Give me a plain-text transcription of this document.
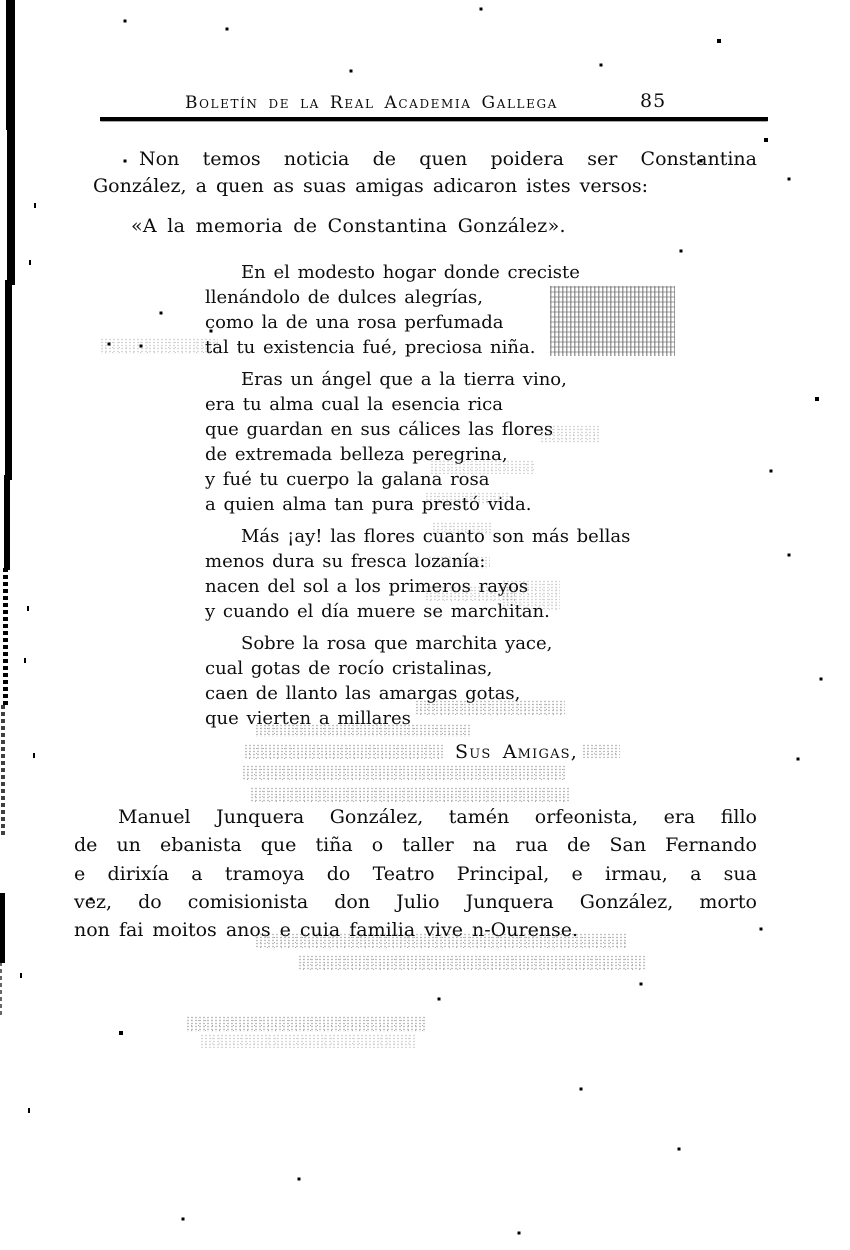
Boletín de la Real Academia Gallega	85
Non temos noticia de quen poidera ser Constantina
González, a quen as suas amigas adicaron istes versos:
«A la memoria de Constantina González».
En el modesto hogar donde creciste
llenándolo de dulces alegrías,
como la de una rosa perfumada
tal tu existencia fué, preciosa niña.
Eras un ángel que a la tierra vino,
era tu alma cual la esencia rica
que guardan en sus cálices las flores
de extremada belleza peregrina,
y fué tu cuerpo la galana rosa
a quien alma tan pura prestó vida.
Más ¡ay! las flores cuanto son más bellas
menos dura su fresca lozanía:
nacen del sol a los primeros rayos
y cuando el día muere se marchitan.
Sobre la rosa que marchita yace,
cual gotas de rocío cristalinas,
caen de llanto las amargas gotas,
que vierten a millares
Sus Amigas,
Manuel Junquera González, tamén orfeonista, era fillo
de un ebanista que tiña o taller na rua de San Fernando
e dirixía a tramoya do Teatro Principal, e irmau, a sua
vez, do comisionista don Julio Junquera González, morto
non fai moitos anos e cuia familia vive n-Ourense.
